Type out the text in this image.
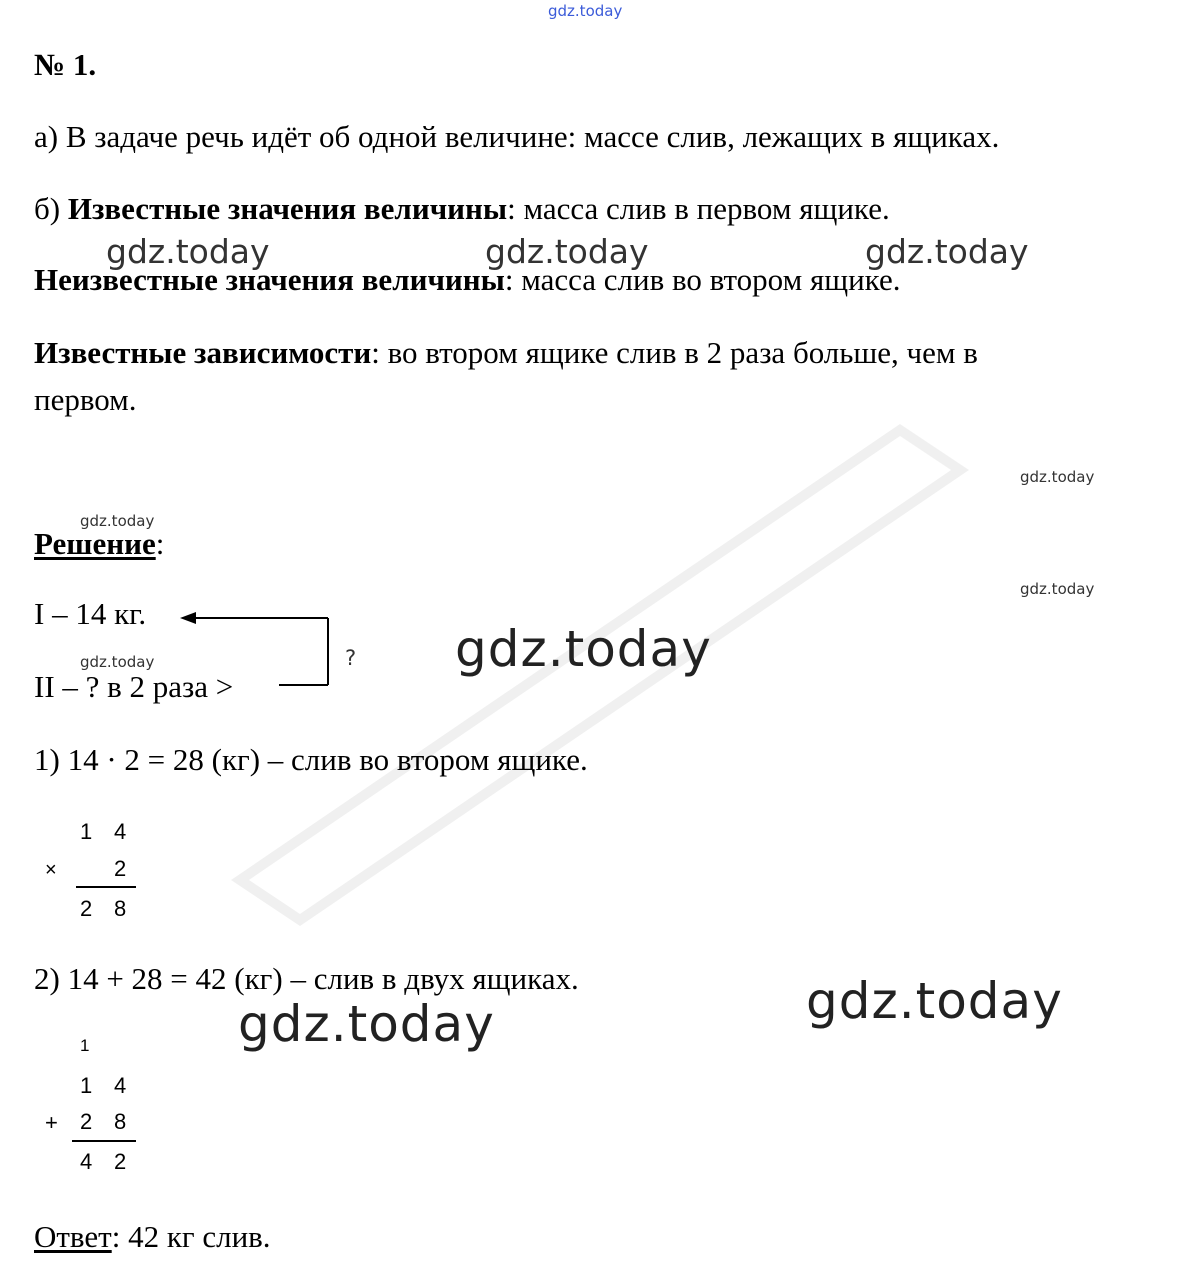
gdz.today
№ 1.
а) В задаче речь идёт об одной величине: массе слив, лежащих в ящиках.
б) Известные значения величины: масса слив в первом ящике.
gdz.today	gdz.today	gdz.today
Неизвестные значения величины: масса слив во втором ящике.
Известные зависимости: во втором ящике слив в 2 раза больше, чем в
первом.
gdz.today
gdz.today
gdz.today
Решение:
I – 14 кг.
II – ? в 2 раза >
gdz.today	? gdz.today
1) 14 · 2 = 28 (кг) – слив во втором ящике.
1 4
×	2
2 8
2) 14 + 28 = 42 (кг) – слив в двух ящиках.	gdz.today
gdz.today
1
1 4
+ 2 8
4 2
Ответ: 42 кг слив.
